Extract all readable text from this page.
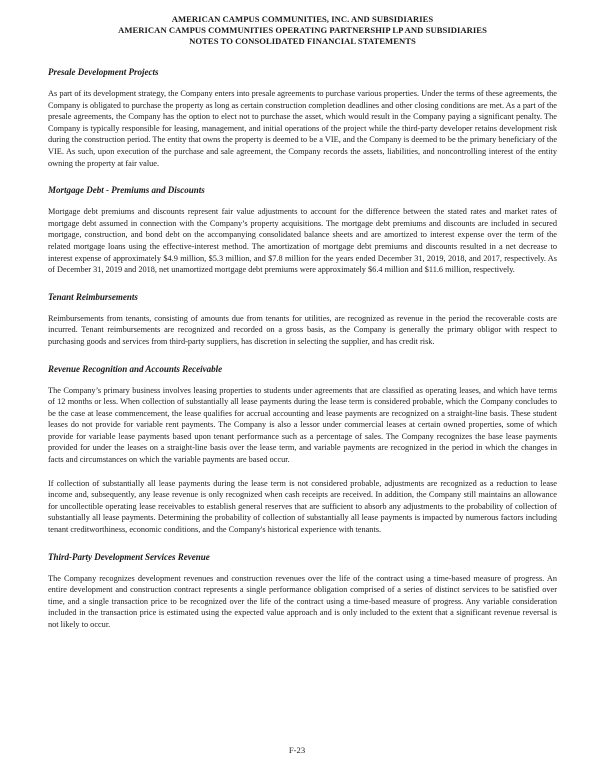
AMERICAN CAMPUS COMMUNITIES, INC. AND SUBSIDIARIES
AMERICAN CAMPUS COMMUNITIES OPERATING PARTNERSHIP LP AND SUBSIDIARIES
NOTES TO CONSOLIDATED FINANCIAL STATEMENTS
Presale Development Projects

As part of its development strategy, the Company enters into presale agreements to purchase various properties. Under the terms of these agreements, the Company is obligated to purchase the property as long as certain construction completion deadlines and other closing conditions are met. As a part of the presale agreements, the Company has the option to elect not to purchase the asset, which would result in the Company paying a significant penalty. The Company is typically responsible for leasing, management, and initial operations of the project while the third-party developer retains development risk during the construction period. The entity that owns the property is deemed to be a VIE, and the Company is deemed to be the primary beneficiary of the VIE. As such, upon execution of the purchase and sale agreement, the Company records the assets, liabilities, and noncontrolling interest of the entity owning the property at fair value.

Mortgage Debt - Premiums and Discounts

Mortgage debt premiums and discounts represent fair value adjustments to account for the difference between the stated rates and market rates of mortgage debt assumed in connection with the Company’s property acquisitions. The mortgage debt premiums and discounts are included in secured mortgage, construction, and bond debt on the accompanying consolidated balance sheets and are amortized to interest expense over the term of the related mortgage loans using the effective-interest method. The amortization of mortgage debt premiums and discounts resulted in a net decrease to interest expense of approximately $4.9 million, $5.3 million, and $7.8 million for the years ended December 31, 2019, 2018, and 2017, respectively. As of December 31, 2019 and 2018, net unamortized mortgage debt premiums were approximately $6.4 million and $11.6 million, respectively.

Tenant Reimbursements

Reimbursements from tenants, consisting of amounts due from tenants for utilities, are recognized as revenue in the period the recoverable costs are incurred. Tenant reimbursements are recognized and recorded on a gross basis, as the Company is generally the primary obligor with respect to purchasing goods and services from third-party suppliers, has discretion in selecting the supplier, and has credit risk.

Revenue Recognition and Accounts Receivable

The Company’s primary business involves leasing properties to students under agreements that are classified as operating leases, and which have terms of 12 months or less. When collection of substantially all lease payments during the lease term is considered probable, which the Company concludes to be the case at lease commencement, the lease qualifies for accrual accounting and lease payments are recognized on a straight-line basis. These student leases do not provide for variable rent payments. The Company is also a lessor under commercial leases at certain owned properties, some of which provide for variable lease payments based upon tenant performance such as a percentage of sales. The Company recognizes the base lease payments provided for under the leases on a straight-line basis over the lease term, and variable payments are recognized in the period in which the changes in facts and circumstances on which the variable payments are based occur.

If collection of substantially all lease payments during the lease term is not considered probable, adjustments are recognized as a reduction to lease income and, subsequently, any lease revenue is only recognized when cash receipts are received. In addition, the Company still maintains an allowance for uncollectible operating lease receivables to establish general reserves that are sufficient to absorb any adjustments to the probability of collection of substantially all lease payments. Determining the probability of collection of substantially all lease payments is impacted by numerous factors including tenant creditworthiness, economic conditions, and the Company's historical experience with tenants.

Third-Party Development Services Revenue

The Company recognizes development revenues and construction revenues over the life of the contract using a time-based measure of progress. An entire development and construction contract represents a single performance obligation comprised of a series of distinct services to be satisfied over time, and a single transaction price to be recognized over the life of the contract using a time-based measure of progress. Any variable consideration included in the transaction price is estimated using the expected value approach and is only included to the extent that a significant revenue reversal is not likely to occur.

F-23
